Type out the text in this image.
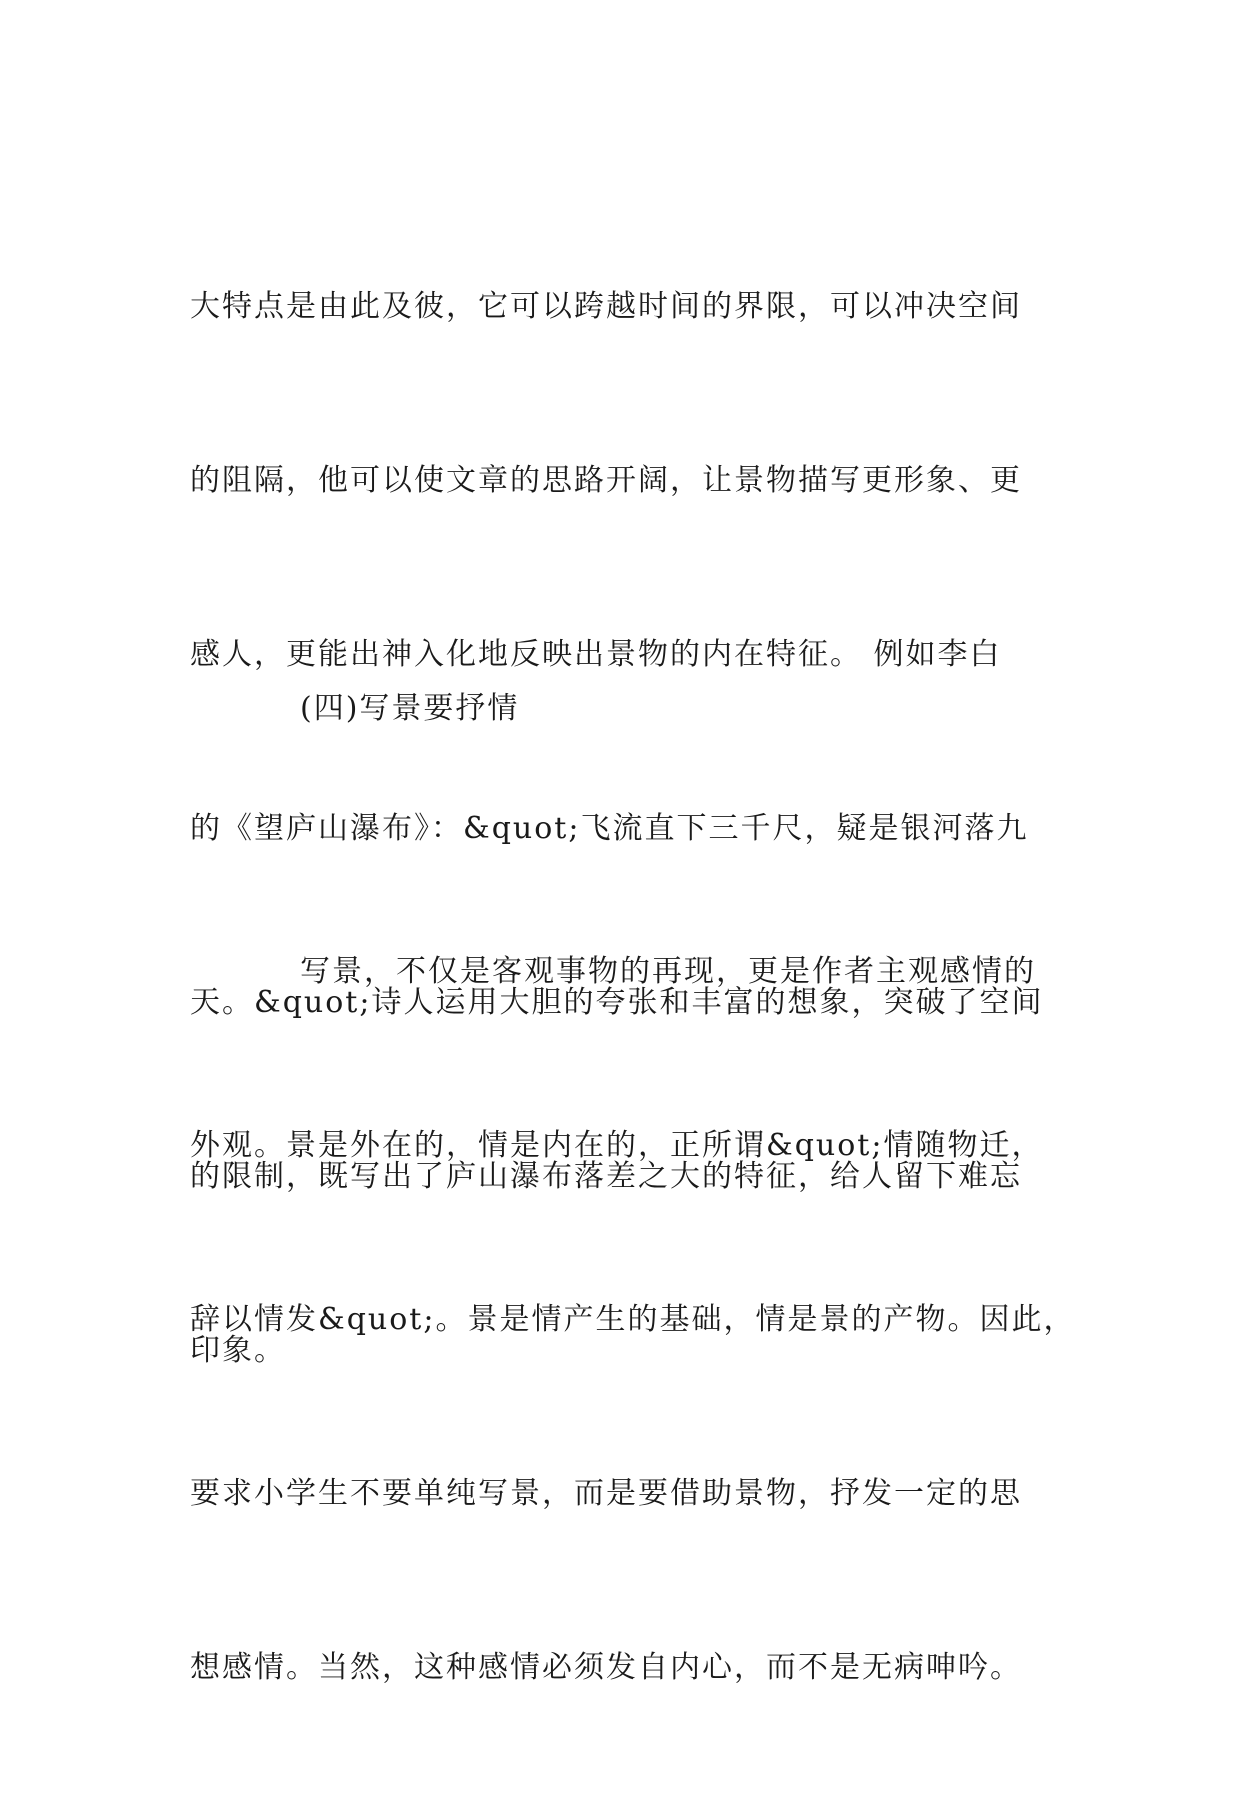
大特点是由此及彼，它可以跨越时间的界限，可以冲决空间

的阻隔，他可以使文章的思路开阔，让景物描写更形象、更

感人，更能出神入化地反映出景物的内在特征。 例如李白

的《望庐山瀑布》：&quot;飞流直下三千尺，疑是银河落九

天。&quot;诗人运用大胆的夸张和丰富的想象，突破了空间

的限制，既写出了庐山瀑布落差之大的特征，给人留下难忘

印象。

(四)写景要抒情

写景，不仅是客观事物的再现，更是作者主观感情的

外观。景是外在的，情是内在的，正所谓&quot;情随物迁，

辞以情发&quot;。景是情产生的基础，情是景的产物。因此，

要求小学生不要单纯写景，而是要借助景物，抒发一定的思

想感情。当然，这种感情必须发自内心，而不是无病呻吟。
